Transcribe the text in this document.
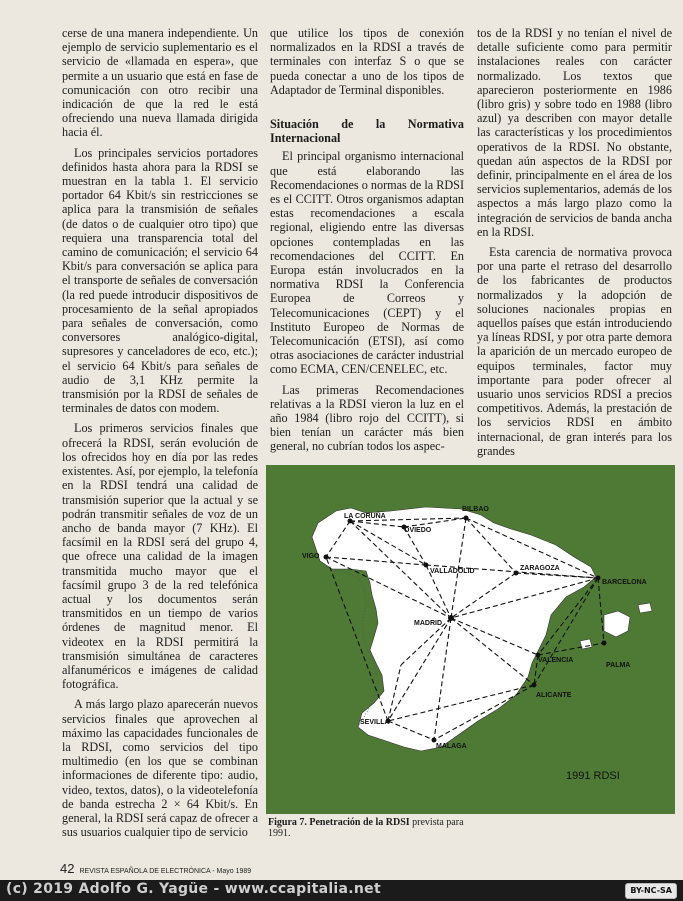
cerse de una manera independiente. Un ejemplo de servicio suplementario es el servicio de «llamada en espera», que permite a un usuario que está en fase de comunicación con otro recibir una indicación de que la red le está ofreciendo una nueva llamada dirigida hacia él.

Los principales servicios portadores definidos hasta ahora para la RDSI se muestran en la tabla 1. El servicio portador 64 Kbit/s sin restricciones se aplica para la transmisión de señales (de datos o de cualquier otro tipo) que requiera una transparencia total del camino de comunicación; el servicio 64 Kbit/s para conversación se aplica para el transporte de señales de conversación (la red puede introducir dispositivos de procesamiento de la señal apropiados para señales de conversación, como conversores analógico-digital, supresores y canceladores de eco, etc.); el servicio 64 Kbit/s para señales de audio de 3,1 KHz permite la transmisión por la RDSI de señales de terminales de datos con modem.

Los primeros servicios finales que ofrecerá la RDSI, serán evolución de los ofrecidos hoy en día por las redes existentes. Así, por ejemplo, la telefonía en la RDSI tendrá una calidad de transmisión superior que la actual y se podrán transmitir señales de voz de un ancho de banda mayor (7 KHz). El facsímil en la RDSI será del grupo 4, que ofrece una calidad de la imagen transmitida mucho mayor que el facsímil grupo 3 de la red telefónica actual y los documentos serán transmitidos en un tiempo de varios órdenes de magnitud menor. El videotex en la RDSI permitirá la transmisión simultánea de caracteres alfanuméricos e imágenes de calidad fotográfica.

A más largo plazo aparecerán nuevos servicios finales que aprovechen al máximo las capacidades funcionales de la RDSI, como servicios del tipo multimedio (en los que se combinan informaciones de diferente tipo: audio, video, textos, datos), o la videotelefonía de banda estrecha 2 × 64 Kbit/s. En general, la RDSI será capaz de ofrecer a sus usuarios cualquier tipo de servicio

que utilice los tipos de conexión normalizados en la RDSI a través de terminales con interfaz S o que se pueda conectar a uno de los tipos de Adaptador de Terminal disponibles.

Situación de la Normativa Internacional

El principal organismo internacional que está elaborando las Recomendaciones o normas de la RDSI es el CCITT. Otros organismos adaptan estas recomendaciones a escala regional, eligiendo entre las diversas opciones contempladas en las recomendaciones del CCITT. En Europa están involucrados en la normativa RDSI la Conferencia Europea de Correos y Telecomunicaciones (CEPT) y el Instituto Europeo de Normas de Telecomunicación (ETSI), así como otras asociaciones de carácter industrial como ECMA, CEN/CENELEC, etc.

Las primeras Recomendaciones relativas a la RDSI vieron la luz en el año 1984 (libro rojo del CCITT), si bien tenían un carácter más bien general, no cubrían todos los aspec-

tos de la RDSI y no tenían el nivel de detalle suficiente como para permitir instalaciones reales con carácter normalizado. Los textos que aparecieron posteriormente en 1986 (libro gris) y sobre todo en 1988 (libro azul) ya describen con mayor detalle las características y los procedimientos operativos de la RDSI. No obstante, quedan aún aspectos de la RDSI por definir, principalmente en el área de los servicios suplementarios, además de los aspectos a más largo plazo como la integración de servicios de banda ancha en la RDSI.

Esta carencia de normativa provoca por una parte el retraso del desarrollo de los fabricantes de productos normalizados y la adopción de soluciones nacionales propias en aquellos países que están introduciendo ya líneas RDSI, y por otra parte demora la aparición de un mercado europeo de equipos terminales, factor muy importante para poder ofrecer al usuario unos servicios RDSI a precios competitivos. Además, la prestación de los servicios RDSI en ámbito internacional, de gran interés para los grandes

LA CORUÑA
OVIEDO
BILBAO
VIGO
VALLADOLID	ZARAGOZA
BARCELONA
MADRID
VALENCIA
PALMA
ALICANTE
SEVILLA
MALAGA
1991 RDSI
Figura 7. Penetración de la RDSI prevista para 1991.
42 REVISTA ESPAÑOLA DE ELECTRÓNICA - Mayo 1989
(c) 2019 Adolfo G. Yagüe - www.ccapitalia.net	BY-NC-SA
